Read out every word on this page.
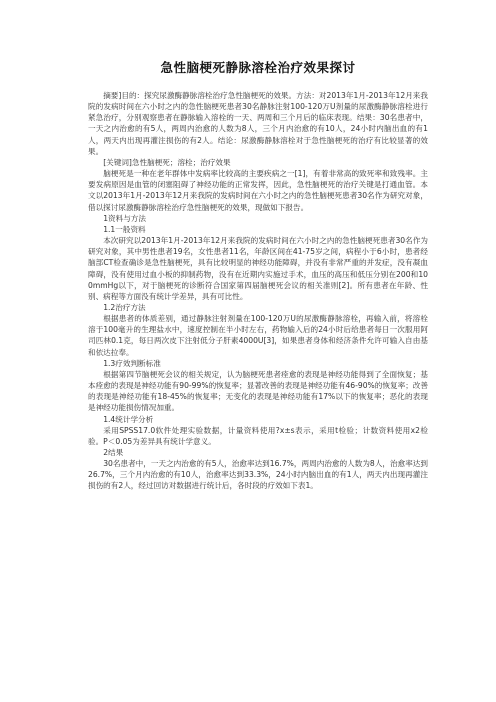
急性脑梗死静脉溶栓治疗效果探讨

摘要]目的：探究尿激酶静脉溶栓治疗急性脑梗死的效果。方法：对2013年1月-2013年12月来我院的发病时间在六小时之内的急性脑梗死患者30名静脉注射100-120万U剂量的尿激酶静脉溶栓进行紧急治疗，分别观察患者在静脉输入溶栓的一天、两周和三个月后的临床表现。结果：30名患者中，一天之内治愈的有5人，两周内治愈的人数为8人，三个月内治愈的有10人，24小时内脑出血的有1人，两天内出现再灌注损伤的有2人。结论：尿激酶静脉溶栓对于急性脑梗死的治疗有比较显著的效果。

[关键词]急性脑梗死；溶栓；治疗效果

脑梗死是一种在老年群体中发病率比较高的主要疾病之一[1]，有着非常高的致死率和致残率。主要发病原因是血管的闭塞阻碍了神经功能的正常发挥，因此，急性脑梗死的治疗关键是打通血管。本文以2013年1月-2013年12月来我院的发病时间在六小时之内的急性脑梗死患者30名作为研究对象，借以探讨尿激酶静脉溶栓治疗急性脑梗死的效果，现做如下报告。

1资料与方法

1.1一般资料

本次研究以2013年1月-2013年12月来我院的发病时间在六小时之内的急性脑梗死患者30名作为研究对象，其中男性患者19名，女性患者11名，年龄区间在41-75岁之间，病程小于6小时，患者经脑部CT检查确诊是急性脑梗死，具有比较明显的神经功能障碍，并没有非常严重的并发症，没有凝血障碍，没有使用过血小板的抑制药物，没有在近期内实施过手术，血压的高压和低压分别在200和100mmHg以下，对于脑梗死的诊断符合国家第四届脑梗死会议的相关准则[2]。所有患者在年龄、性别、病程等方面没有统计学差异，具有可比性。

1.2治疗方法

根据患者的体质差别，通过静脉注射剂量在100-120万U的尿激酶静脉溶栓，再输入前，将溶栓溶于100毫升的生理盐水中，速度控制在半小时左右，药物输入后的24小时后给患者每日一次服用阿司匹林0.1克，每日两次皮下注射低分子肝素4000U[3]，如果患者身体和经济条件允许可输入自由基和依达拉奉。

1.3疗效判断标准

根据第四节脑梗死会议的相关规定，认为脑梗死患者痊愈的表现是神经功能得到了全面恢复；基本痊愈的表现是神经功能有90-99%的恢复率；显著改善的表现是神经功能有46-90%的恢复率；改善的表现是神经功能有18-45%的恢复率；无变化的表现是神经功能有17%以下的恢复率；恶化的表现是神经功能损伤情况加重。

1.4统计学分析

采用SPSS17.0软件处理实验数据，计量资料使用?x±s表示，采用t检验；计数资料使用x2检验。P＜0.05为差异具有统计学意义。

2结果

30名患者中，一天之内治愈的有5人，治愈率达到16.7%，两周内治愈的人数为8人，治愈率达到26.7%，三个月内治愈的有10人，治愈率达到33.3%，24小时内脑出血的有1人，两天内出现再灌注损伤的有2人，经过回访对数据进行统计后，各时段的疗效如下表1。
